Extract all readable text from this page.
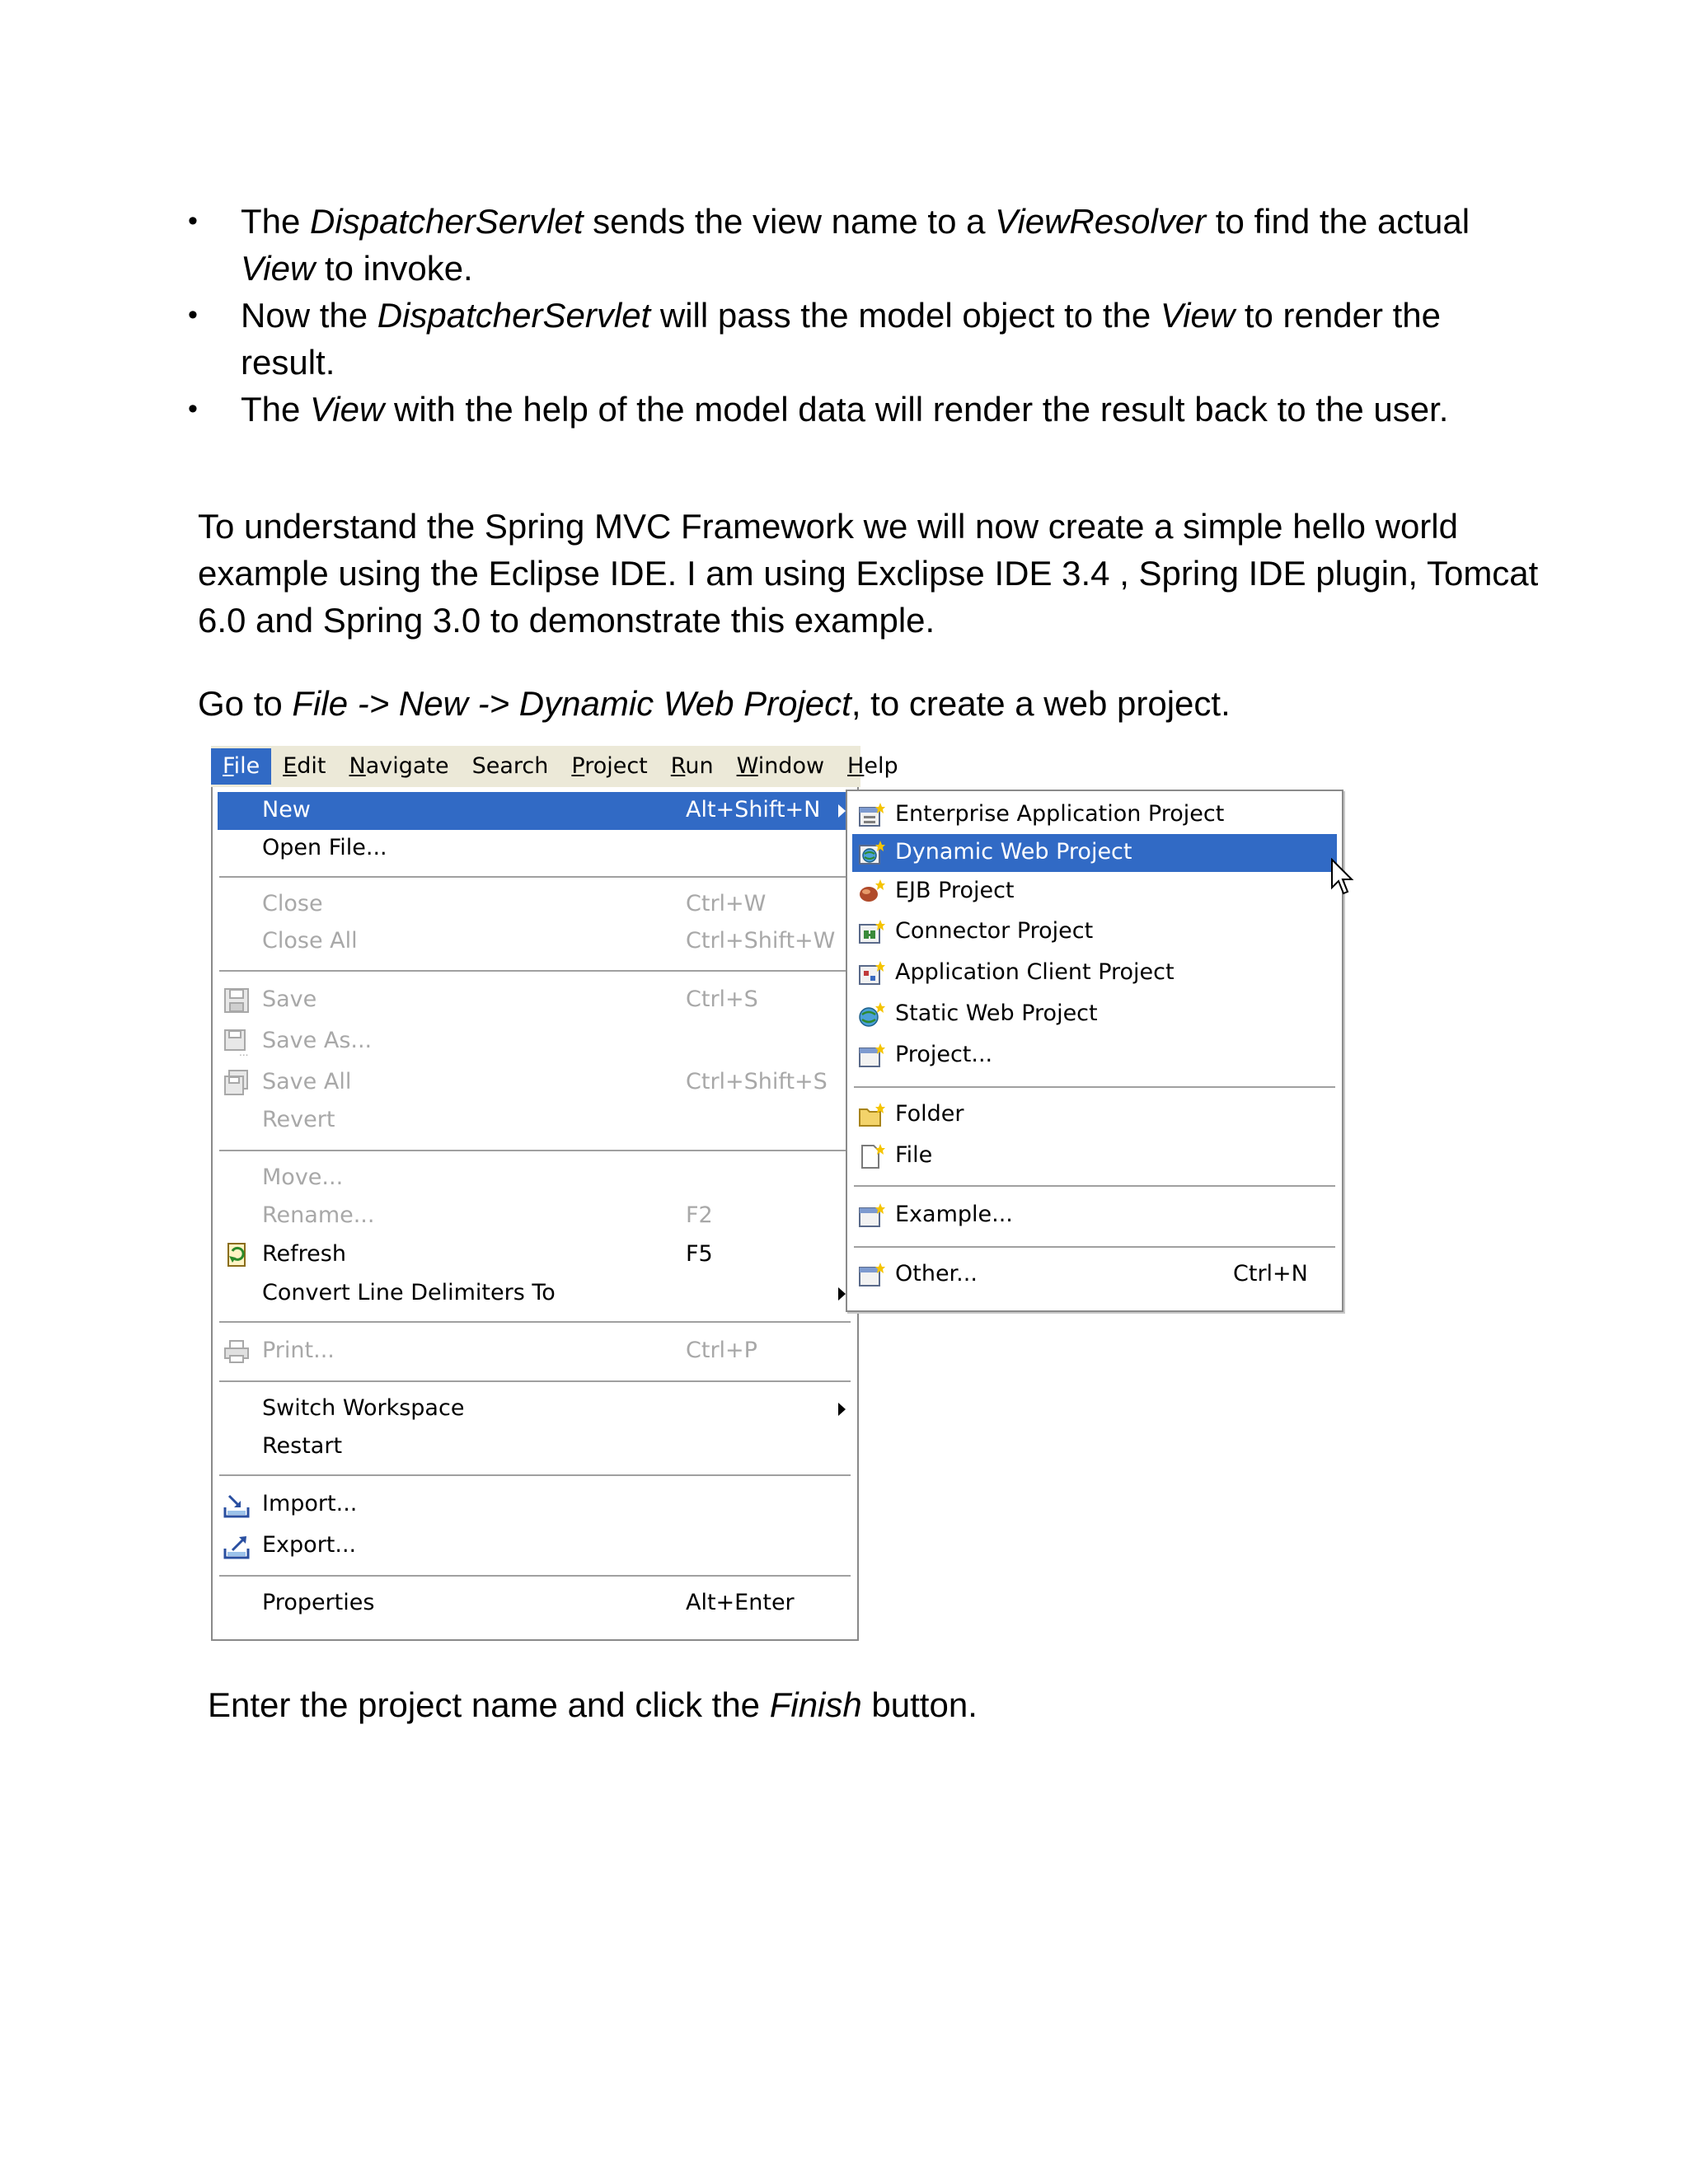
• The DispatcherServlet sends the view name to a ViewResolver to find the actual View to invoke.
• Now the DispatcherServlet will pass the model object to the View to render the result.
• The View with the help of the model data will render the result back to the user.

To understand the Spring MVC Framework we will now create a simple hello world example using the Eclipse IDE. I am using Exclipse IDE 3.4 , Spring IDE plugin, Tomcat 6.0 and Spring 3.0 to demonstrate this example.

Go to File -> New -> Dynamic Web Project, to create a web project.

File	Edit	Navigate	Search	Project	Run	Window	Help
New	Alt+Shift+N
Open File...
Close	Ctrl+W
Close All	Ctrl+Shift+W
Save	Ctrl+S
... Save As...
Save All	Ctrl+Shift+S
Revert
Move...
Rename...	F2
Refresh	F5
Convert Line Delimiters To
Print...	Ctrl+P
Switch Workspace
Restart
Import...
Export...
Properties	Alt+Enter
Enterprise Application Project
Dynamic Web Project
EJB Project
Connector Project
Application Client Project
Static Web Project
Project...
Folder
File
Example...
Other...	Ctrl+N

Enter the project name and click the Finish button.
